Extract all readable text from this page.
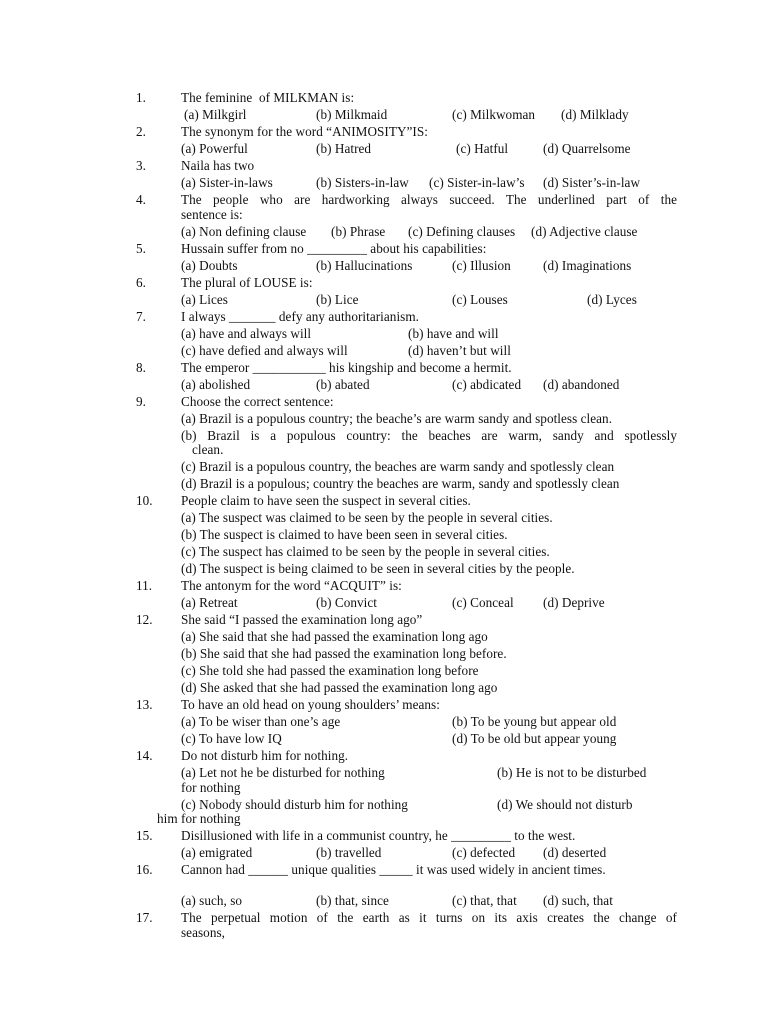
1.	The feminine  of MILKMAN is:
(a) Milkgirl	(b) Milkmaid	(c) Milkwoman (d) Milklady
2.	The synonym for the word “ANIMOSITY”IS:
(a) Powerful	(b) Hatred	(c) Hatful	(d) Quarrelsome
3.	Naila has two
(a) Sister-in-laws	(b) Sisters-in-law (c) Sister-in-law’s (d) Sister’s-in-law
4.	The people who are hardworking always succeed. The underlined part of the
sentence is:
(a) Non defining clause (b) Phrase (c) Defining clauses (d) Adjective clause
5.	Hussain suffer from no _________ about his capabilities:
(a) Doubts	(b) Hallucinations	(c) Illusion (d) Imaginations
6.	The plural of LOUSE is:
(a) Lices	(b) Lice	(c) Louses	(d) Lyces
7.	I always _______ defy any authoritarianism.
(a) have and always will	(b) have and will
(c) have defied and always will	(d) haven’t but will
8.	The emperor ___________ his kingship and become a hermit.
(a) abolished	(b) abated	(c) abdicated (d) abandoned
9.	Choose the correct sentence:
(a) Brazil is a populous country; the beache’s are warm sandy and spotless clean.
(b) Brazil is a populous country: the beaches are warm, sandy and spotlessly
clean.
(c) Brazil is a populous country, the beaches are warm sandy and spotlessly clean
(d) Brazil is a populous; country the beaches are warm, sandy and spotlessly clean
10. People claim to have seen the suspect in several cities.
(a) The suspect was claimed to be seen by the people in several cities.
(b) The suspect is claimed to have been seen in several cities.
(c) The suspect has claimed to be seen by the people in several cities.
(d) The suspect is being claimed to be seen in several cities by the people.
11. The antonym for the word “ACQUIT” is:
(a) Retreat	(b) Convict	(c) Conceal (d) Deprive
12. She said “I passed the examination long ago”
(a) She said that she had passed the examination long ago
(b) She said that she had passed the examination long before.
(c) She told she had passed the examination long before
(d) She asked that she had passed the examination long ago
13. To have an old head on young shoulders’ means:
(a) To be wiser than one’s age	(b) To be young but appear old
(c) To have low IQ	(d) To be old but appear young
14. Do not disturb him for nothing.
(a) Let not he be disturbed for nothing	(b) He is not to be disturbed
for nothing
(c) Nobody should disturb him for nothing	(d) We should not disturb
him for nothing
15. Disillusioned with life in a communist country, he _________ to the west.
(a) emigrated	(b) travelled	(c) defected (d) deserted
16. Cannon had ______ unique qualities _____ it was used widely in ancient times.
(a) such, so	(b) that, since	(c) that, that (d) such, that
17. The perpetual motion of the earth as it turns on its axis creates the change of
seasons,
